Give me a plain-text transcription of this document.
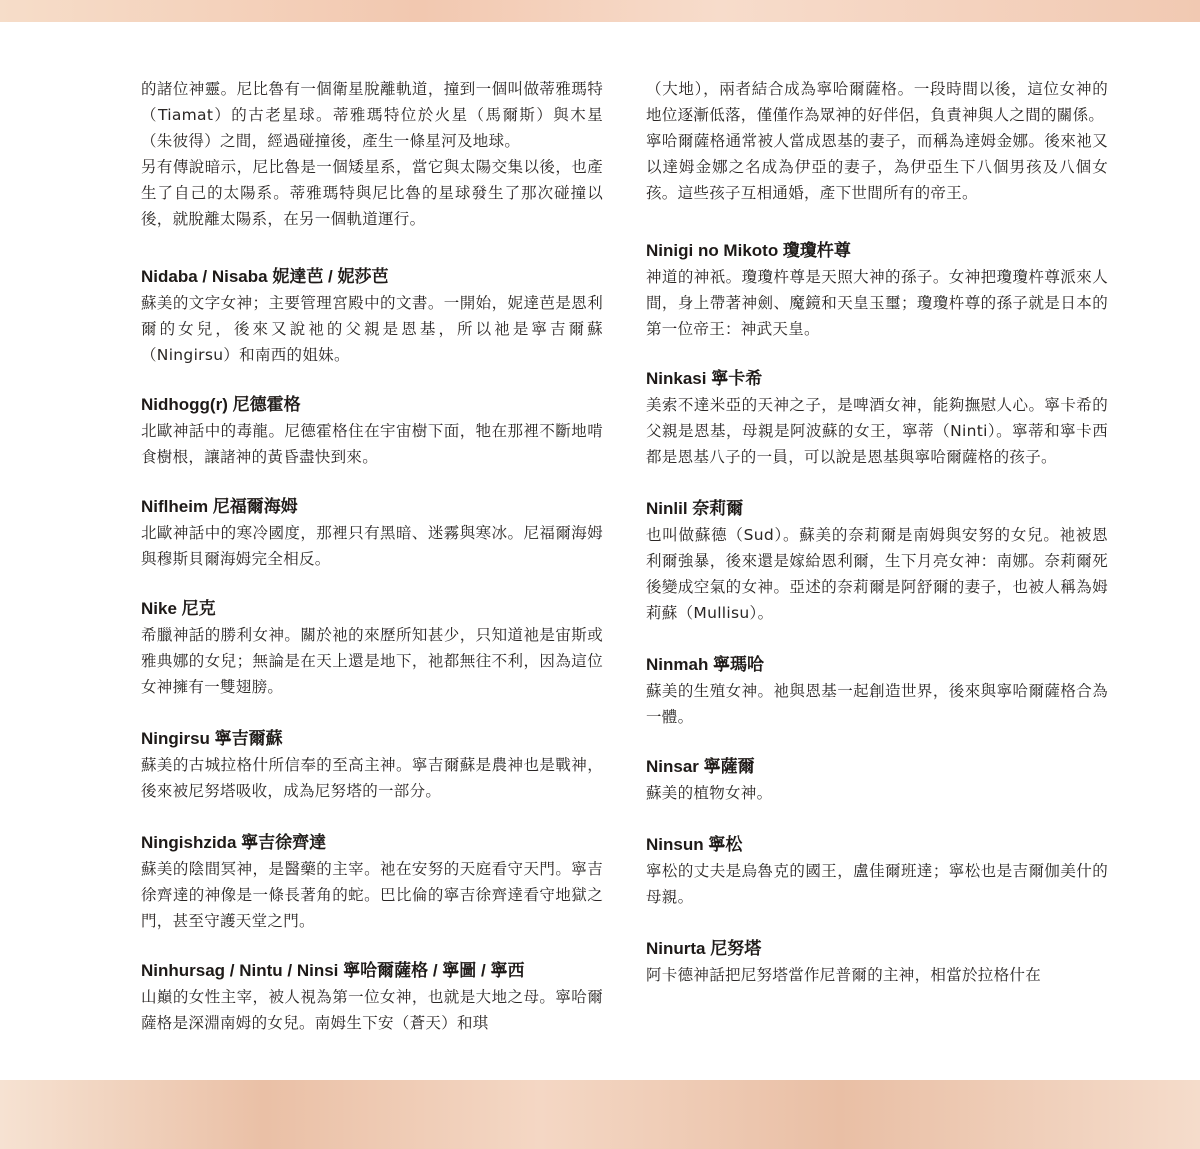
的諸位神靈。尼比魯有一個衛星脫離軌道，撞到一個叫做蒂雅瑪特（Tiamat）的古老星球。蒂雅瑪特位於火星（馬爾斯）與木星（朱彼得）之間，經過碰撞後，產生一條星河及地球。

另有傳說暗示，尼比魯是一個矮星系，當它與太陽交集以後，也產生了自己的太陽系。蒂雅瑪特與尼比魯的星球發生了那次碰撞以後，就脫離太陽系，在另一個軌道運行。

Nidaba / Nisaba 妮達芭 / 妮莎芭

蘇美的文字女神；主要管理宮殿中的文書。一開始，妮達芭是恩利爾的女兒，後來又說祂的父親是恩基，所以祂是寧吉爾蘇（Ningirsu）和南西的姐妹。

Nidhogg(r) 尼德霍格

北歐神話中的毒龍。尼德霍格住在宇宙樹下面，牠在那裡不斷地啃食樹根，讓諸神的黃昏盡快到來。

Niflheim 尼福爾海姆

北歐神話中的寒冷國度，那裡只有黑暗、迷霧與寒冰。尼福爾海姆與穆斯貝爾海姆完全相反。

Nike 尼克

希臘神話的勝利女神。關於祂的來歷所知甚少，只知道祂是宙斯或雅典娜的女兒；無論是在天上還是地下，祂都無往不利，因為這位女神擁有一雙翅膀。

Ningirsu 寧吉爾蘇

蘇美的古城拉格什所信奉的至高主神。寧吉爾蘇是農神也是戰神，後來被尼努塔吸收，成為尼努塔的一部分。

Ningishzida 寧吉徐齊達

蘇美的陰間冥神，是醫藥的主宰。祂在安努的天庭看守天門。寧吉徐齊達的神像是一條長著角的蛇。巴比倫的寧吉徐齊達看守地獄之門，甚至守護天堂之門。

Ninhursag / Nintu / Ninsi 寧哈爾薩格 / 寧圖 / 寧西

山巔的女性主宰，被人視為第一位女神，也就是大地之母。寧哈爾薩格是深淵南姆的女兒。南姆生下安（蒼天）和琪

（大地），兩者結合成為寧哈爾薩格。一段時間以後，這位女神的地位逐漸低落，僅僅作為眾神的好伴侶，負責神與人之間的關係。

寧哈爾薩格通常被人當成恩基的妻子，而稱為達姆金娜。後來祂又以達姆金娜之名成為伊亞的妻子，為伊亞生下八個男孩及八個女孩。這些孩子互相通婚，產下世間所有的帝王。

Ninigi no Mikoto 瓊瓊杵尊

神道的神祇。瓊瓊杵尊是天照大神的孫子。女神把瓊瓊杵尊派來人間，身上帶著神劍、魔鏡和天皇玉璽；瓊瓊杵尊的孫子就是日本的第一位帝王：神武天皇。

Ninkasi 寧卡希

美索不達米亞的天神之子，是啤酒女神，能夠撫慰人心。寧卡希的父親是恩基，母親是阿波蘇的女王，寧蒂（Ninti）。寧蒂和寧卡西都是恩基八子的一員，可以說是恩基與寧哈爾薩格的孩子。

Ninlil 奈莉爾

也叫做蘇德（Sud）。蘇美的奈莉爾是南姆與安努的女兒。祂被恩利爾強暴，後來還是嫁給恩利爾，生下月亮女神：南娜。奈莉爾死後變成空氣的女神。亞述的奈莉爾是阿舒爾的妻子，也被人稱為姆莉蘇（Mullisu）。

Ninmah 寧瑪哈

蘇美的生殖女神。祂與恩基一起創造世界，後來與寧哈爾薩格合為一體。

Ninsar 寧薩爾

蘇美的植物女神。

Ninsun 寧松

寧松的丈夫是烏魯克的國王，盧佳爾班達；寧松也是吉爾伽美什的母親。

Ninurta 尼努塔

阿卡德神話把尼努塔當作尼普爾的主神，相當於拉格什在
